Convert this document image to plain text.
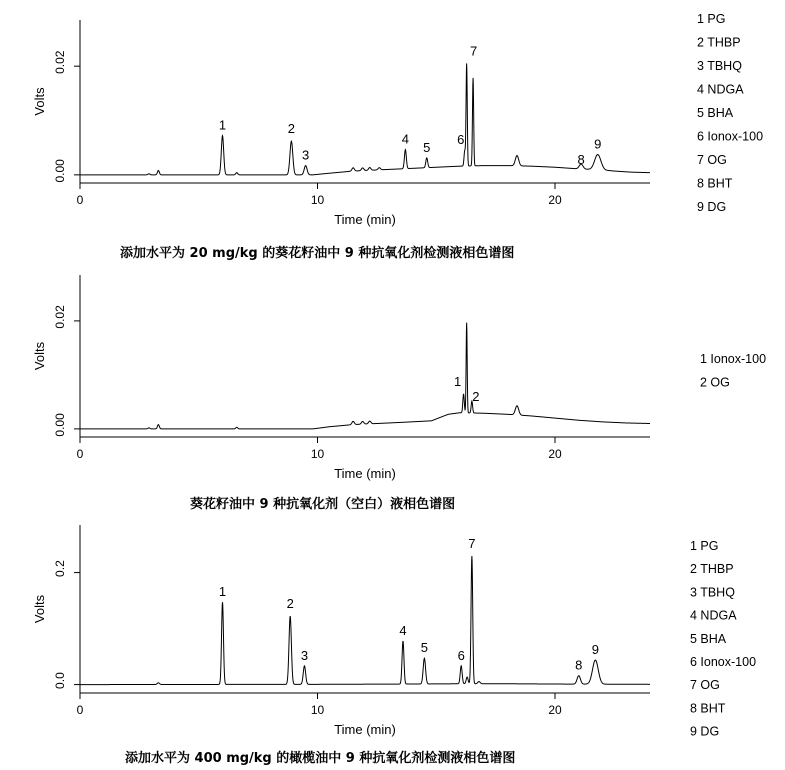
0	10	20
0.00
0.02
Time (min)
Volts
1	2
3
4
5
6
7
8
9
1 PG
2 THBP
3 TBHQ
4 NDGA
5 BHA
6 Ionox-100
7 OG
8 BHT
9 DG
添加水平为 20 mg/kg 的葵花籽油中 9 种抗氧化剂检测液相色谱图
0	10	20
0.00
0.02
Time (min)
Volts
1
2
1 Ionox-100
2 OG
葵花籽油中 9 种抗氧化剂（空白）液相色谱图
0	10	20
0.0
0.2
Time (min)
Volts
1
2
3
4
5
6
7
8
9
1 PG
2 THBP
3 TBHQ
4 NDGA
5 BHA
6 Ionox-100
7 OG
8 BHT
9 DG
添加水平为 400 mg/kg 的橄榄油中 9 种抗氧化剂检测液相色谱图
